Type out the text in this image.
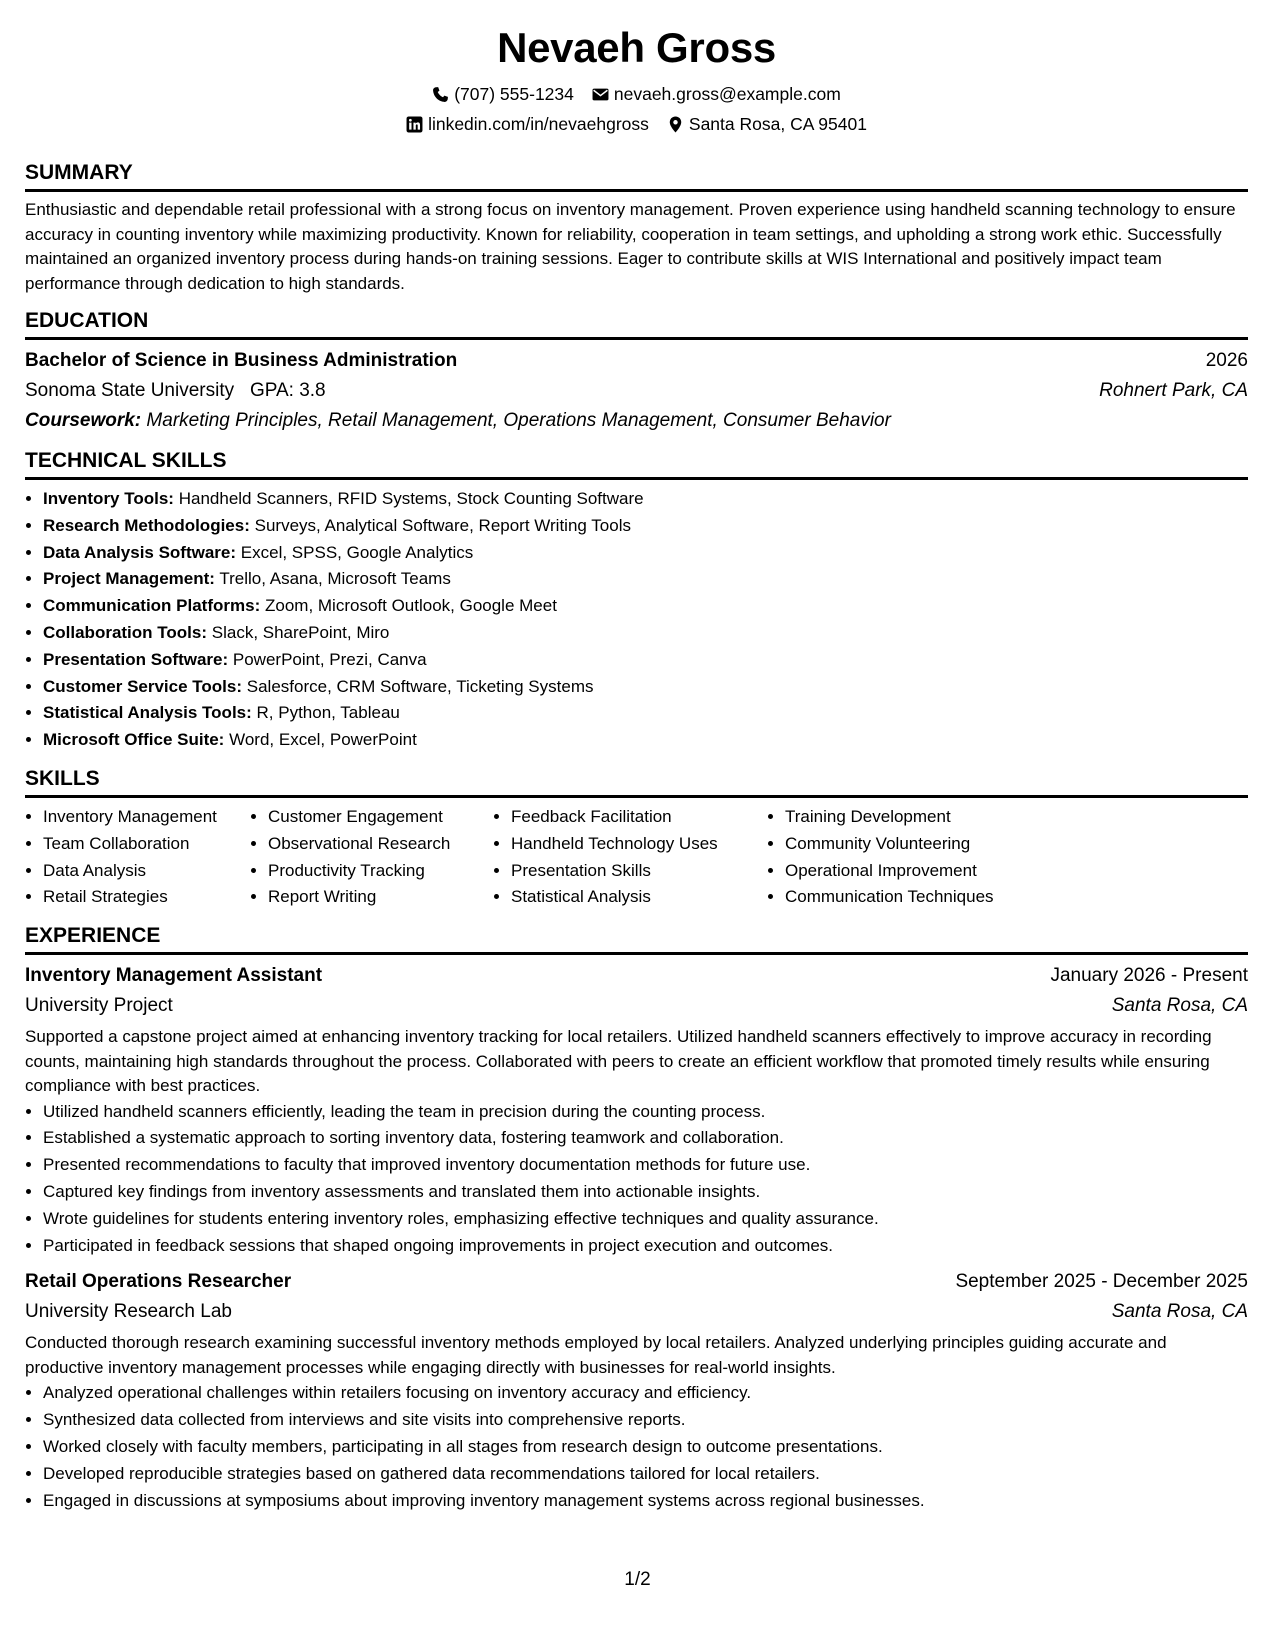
Nevaeh Gross
(707) 555-1234 nevaeh.gross@example.com
linkedin.com/in/nevaehgross Santa Rosa, CA 95401
SUMMARY

Enthusiastic and dependable retail professional with a strong focus on inventory management. Proven experience using handheld scanning technology to ensure accuracy in counting inventory while maximizing productivity. Known for reliability, cooperation in team settings, and upholding a strong work ethic. Successfully maintained an organized inventory process during hands-on training sessions. Eager to contribute skills at WIS International and positively impact team performance through dedication to high standards.

EDUCATION
Bachelor of Science in Business Administration	2026
Sonoma State University GPA: 3.8	Rohnert Park, CA
Coursework:
Marketing Principles, Retail Management, Operations Management, Consumer Behavior
TECHNICAL SKILLS
• Inventory Tools: Handheld Scanners, RFID Systems, Stock Counting Software
• Research Methodologies: Surveys, Analytical Software, Report Writing Tools
• Data Analysis Software: Excel, SPSS, Google Analytics
• Project Management: Trello, Asana, Microsoft Teams
• Communication Platforms: Zoom, Microsoft Outlook, Google Meet
• Collaboration Tools: Slack, SharePoint, Miro
• Presentation Software: PowerPoint, Prezi, Canva
• Customer Service Tools: Salesforce, CRM Software, Ticketing Systems
• Statistical Analysis Tools: R, Python, Tableau
• Microsoft Office Suite: Word, Excel, PowerPoint
SKILLS
• Inventory Management
• Team Collaboration
• Data Analysis
• Retail Strategies
• Customer Engagement
• Observational Research
• Productivity Tracking
• Report Writing
• Feedback Facilitation
• Handheld Technology Uses
• Presentation Skills
• Statistical Analysis
• Training Development
• Community Volunteering
• Operational Improvement
• Communication Techniques
EXPERIENCE
Inventory Management Assistant	January 2026 - Present
University Project	Santa Rosa, CA

Supported a capstone project aimed at enhancing inventory tracking for local retailers. Utilized handheld scanners effectively to improve accuracy in recording counts, maintaining high standards throughout the process. Collaborated with peers to create an efficient workflow that promoted timely results while ensuring compliance with best practices.

• Utilized handheld scanners efficiently, leading the team in precision during the counting process.
• Established a systematic approach to sorting inventory data, fostering teamwork and collaboration.
• Presented recommendations to faculty that improved inventory documentation methods for future use.
• Captured key findings from inventory assessments and translated them into actionable insights.
• Wrote guidelines for students entering inventory roles, emphasizing effective techniques and quality assurance.
• Participated in feedback sessions that shaped ongoing improvements in project execution and outcomes.
Retail Operations Researcher	September 2025 - December 2025
University Research Lab	Santa Rosa, CA

Conducted thorough research examining successful inventory methods employed by local retailers. Analyzed underlying principles guiding accurate and productive inventory management processes while engaging directly with businesses for real-world insights.

• Analyzed operational challenges within retailers focusing on inventory accuracy and efficiency.
• Synthesized data collected from interviews and site visits into comprehensive reports.
• Worked closely with faculty members, participating in all stages from research design to outcome presentations.
• Developed reproducible strategies based on gathered data recommendations tailored for local retailers.
• Engaged in discussions at symposiums about improving inventory management systems across regional businesses.
1/2
